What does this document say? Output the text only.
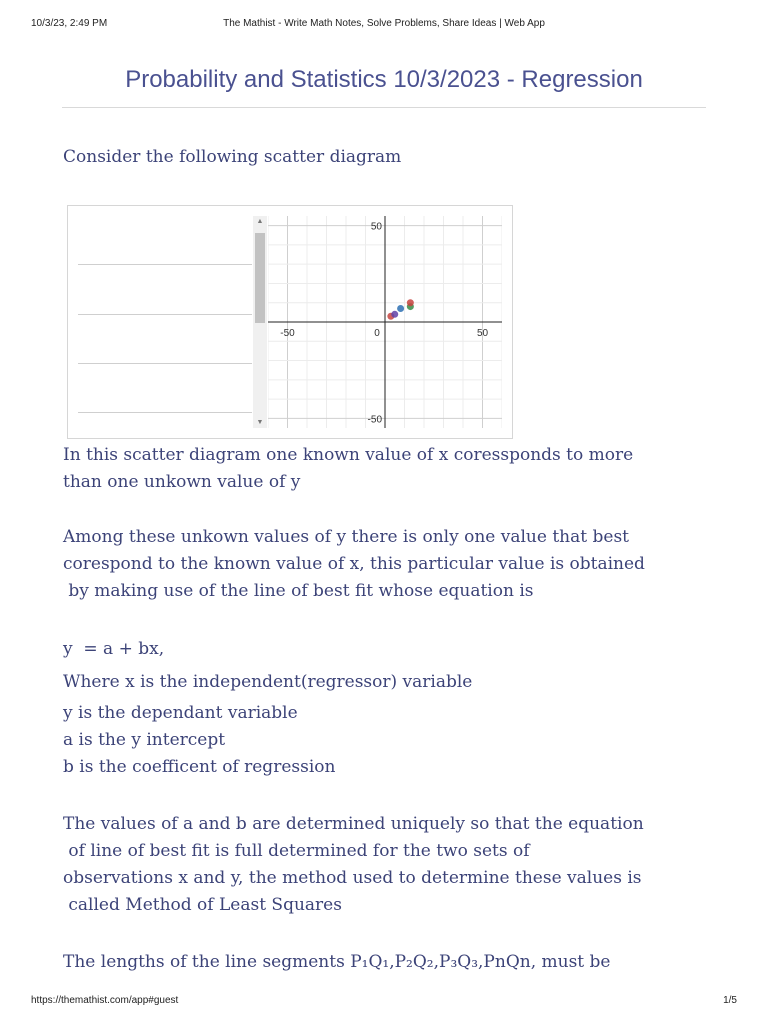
10/3/23, 2:49 PM	The Mathist - Write Math Notes, Solve Problems, Share Ideas | Web App
Probability and Statistics 10/3/2023 - Regression
Consider the following scatter diagram
▲
▼
-50	0	50
50
-50
In this scatter diagram one known value of x coressponds to more
than one unkown value of y
Among these unkown values of y there is only one value that best
corespond to the known value of x, this particular value is obtained
by making use of the line of best fit whose equation is
y  = a + bx,
Where x is the independent(regressor) variable
y is the dependant variable
a is the y intercept
b is the coefficent of regression
The values of a and b are determined uniquely so that the equation
of line of best fit is full determined for the two sets of
observations x and y, the method used to determine these values is
called Method of Least Squares
The lengths of the line segments P₁Q₁,P₂Q₂,P₃Q₃,PnQn, must be
https://themathist.com/app#guest	1/5
